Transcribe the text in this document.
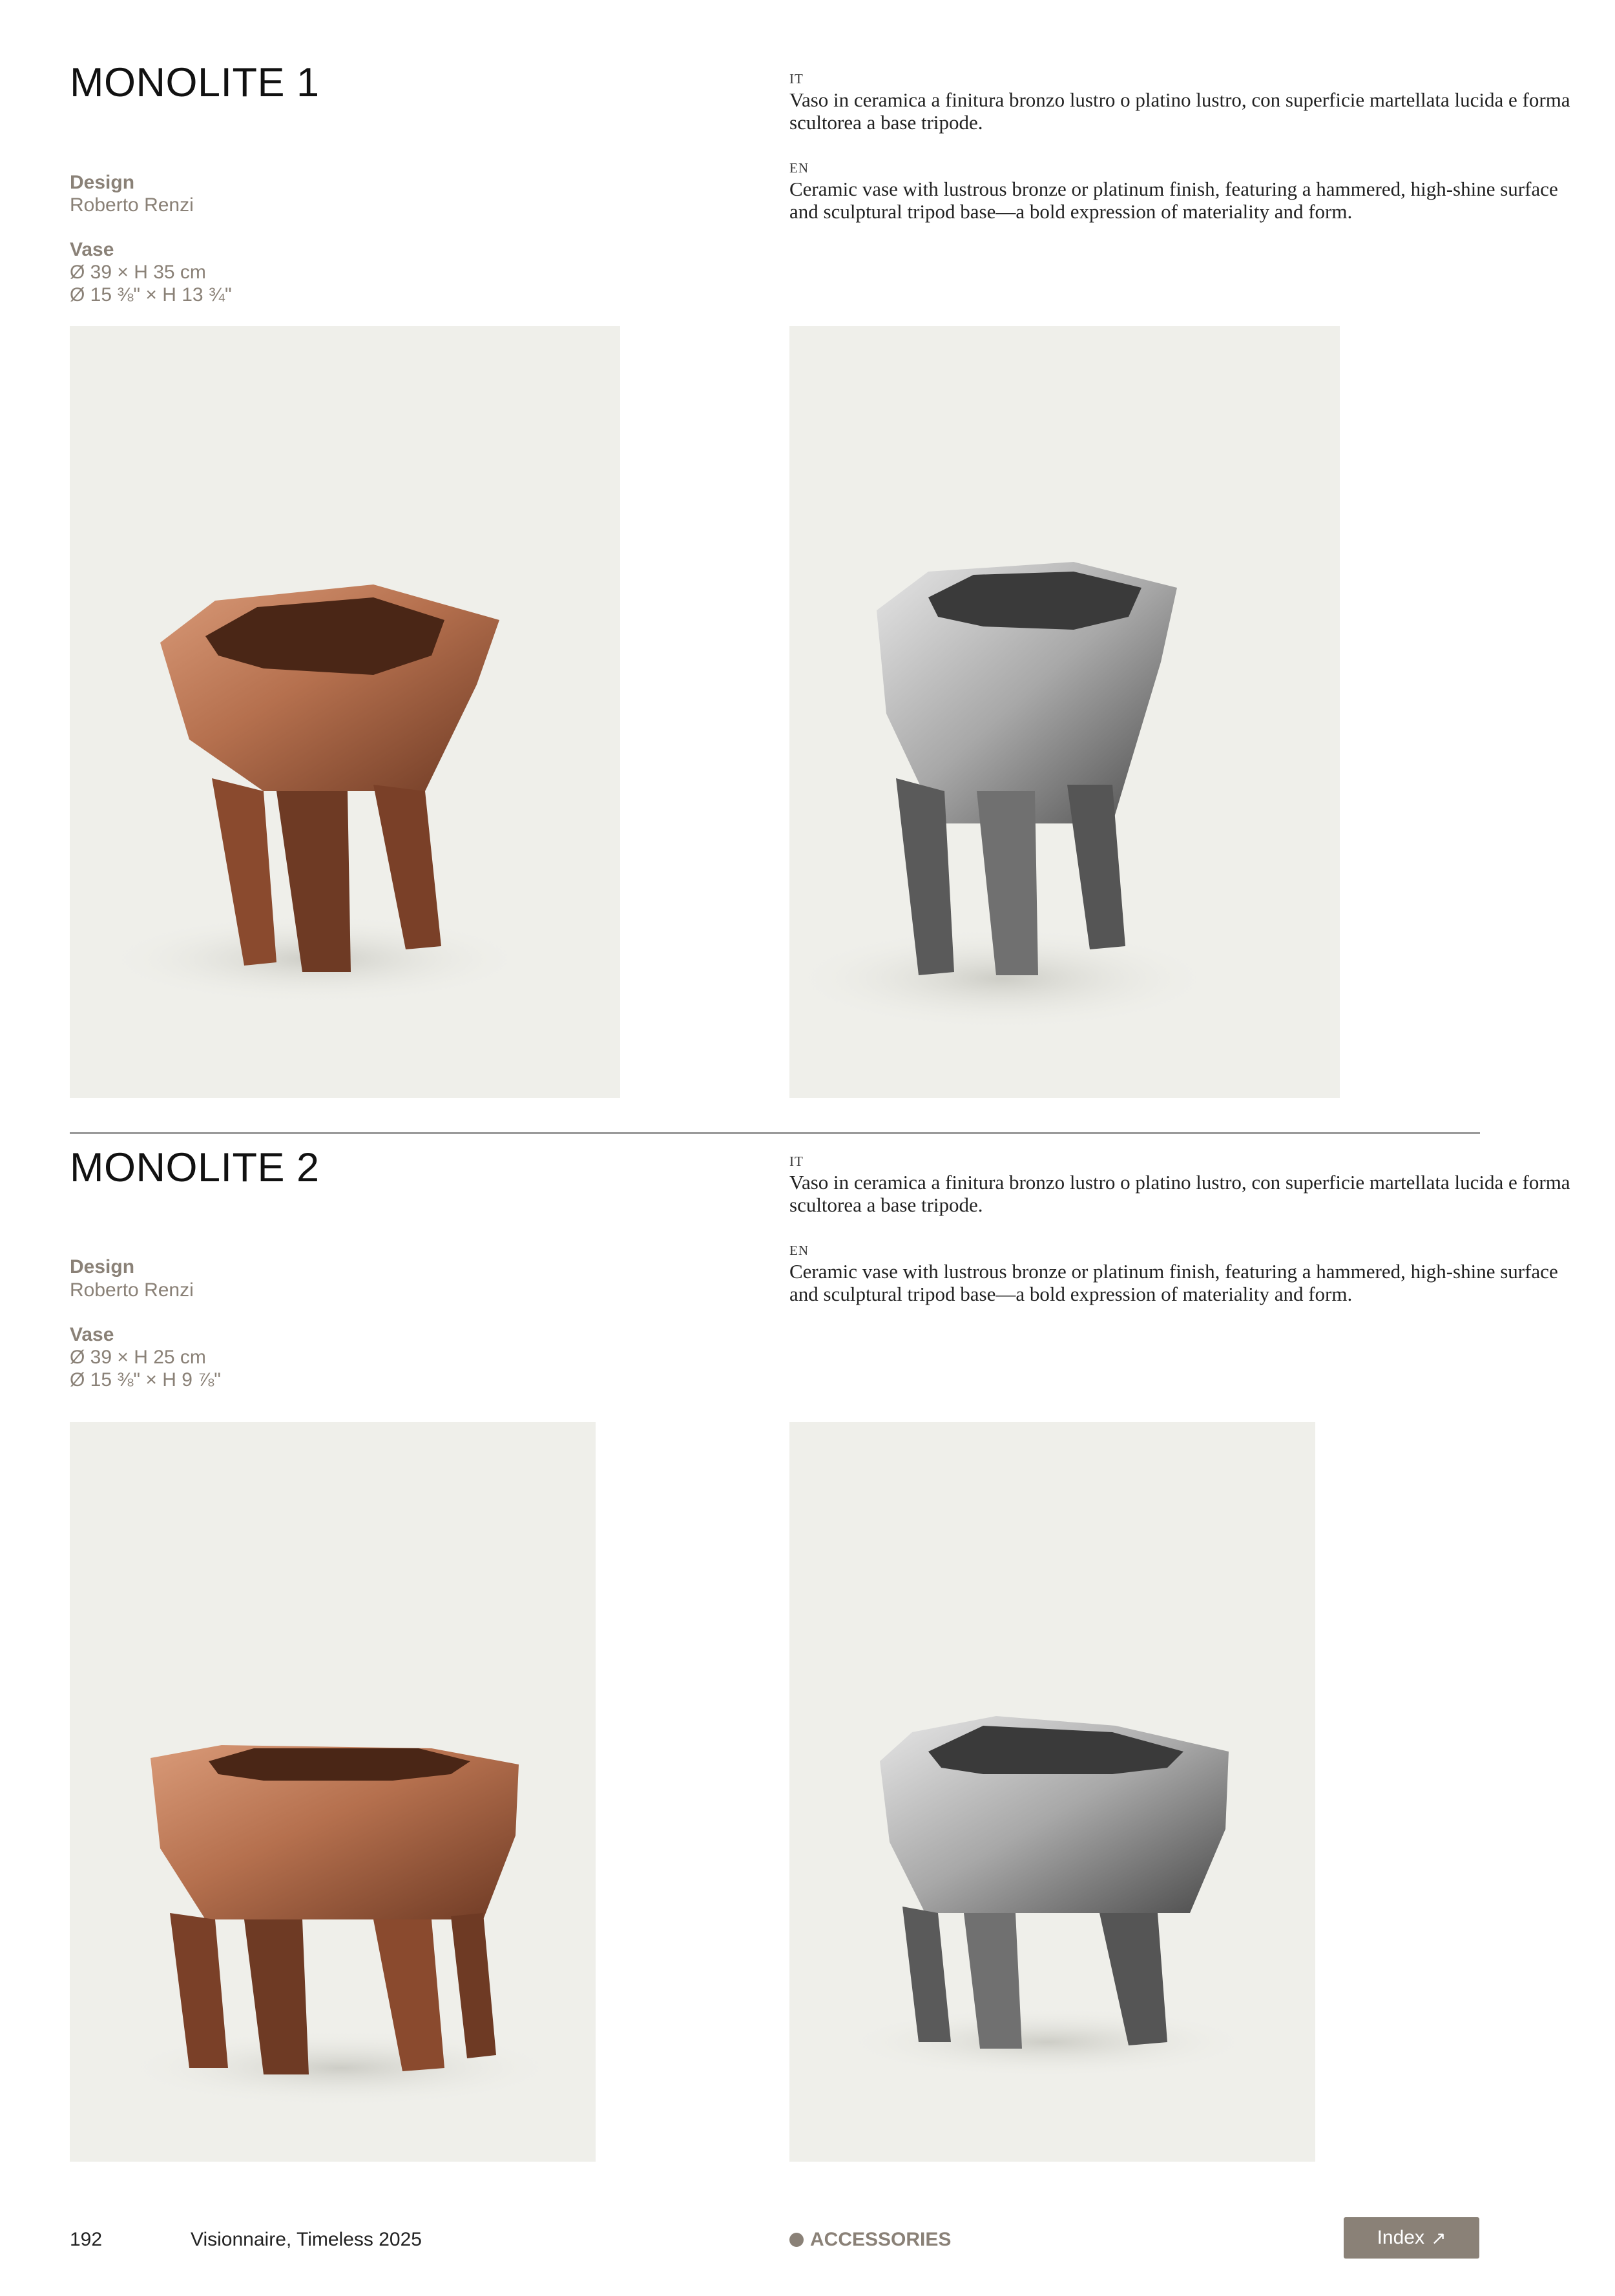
MONOLITE 1
Design
Roberto Renzi
Vase
Ø 39 × H 35 cm
Ø 15 ⅜" × H 13 ¾"
IT
Vaso in ceramica a finitura bronzo lustro o platino lustro, con superficie martellata lucida e forma scultorea a base tripode.
EN
Ceramic vase with lustrous bronze or platinum finish, featuring a hammered, high-shine surface and sculptural tripod base—a bold expression of materiality and form.
MONOLITE 2
Design
Roberto Renzi
Vase
Ø 39 × H 25 cm
Ø 15 ⅜" × H 9 ⅞"
IT
Vaso in ceramica a finitura bronzo lustro o platino lustro, con superficie martellata lucida e forma scultorea a base tripode.
EN
Ceramic vase with lustrous bronze or platinum finish, featuring a hammered, high-shine surface and sculptural tripod base—a bold expression of materiality and form.
192	Visionnaire, Timeless 2025	ACCESSORIES	Index ↗
